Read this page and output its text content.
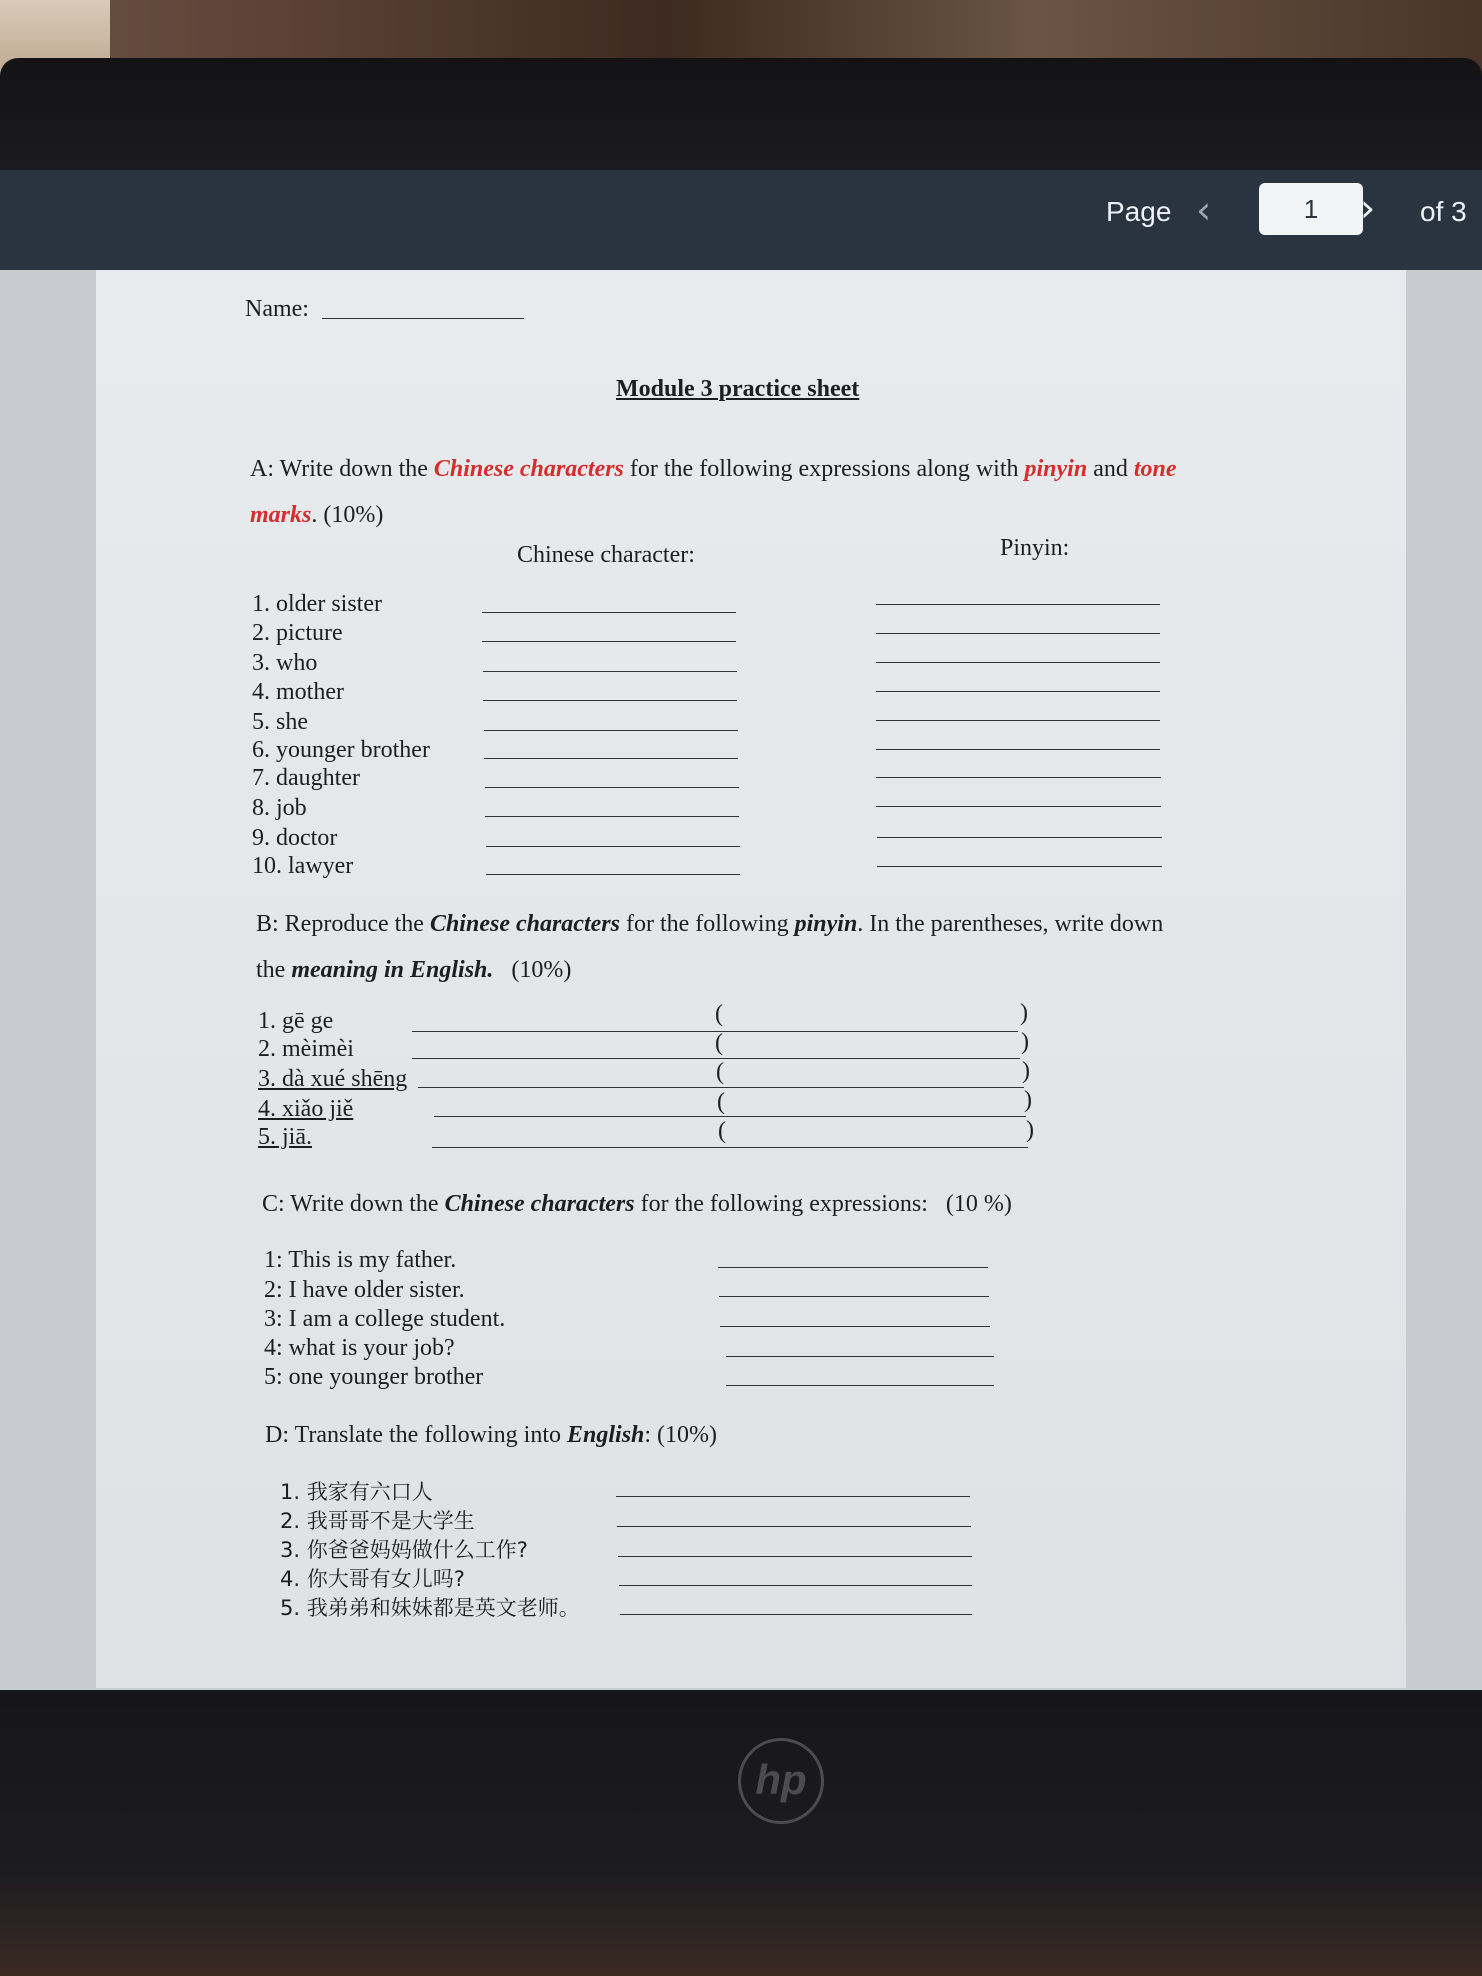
Page ‹
1	› of 3
Name:
Module 3 practice sheet
A: Write down the Chinese characters for the following expressions along with pinyin and tone
marks. (10%)
Chinese character:	Pinyin:
1. older sister
2. picture
3. who
4. mother
5. she
6. younger brother
7. daughter
8. job
9. doctor
10. lawyer
B: Reproduce the Chinese characters for the following pinyin. In the parentheses, write down
the meaning in English.   (10%)
1. gē ge
2. mèimèi
3. dà xué shēng
4. xiǎo jiě
5. jiā.
(
(
(
(
(
)
)
)
)
)
C: Write down the Chinese characters for the following expressions:   (10 %)
1: This is my father.
2: I have older sister.
3: I am a college student.
4: what is your job?
5: one younger brother
D: Translate the following into English: (10%)
1. 我家有六口人
2. 我哥哥不是大学生
3. 你爸爸妈妈做什么工作?
4. 你大哥有女儿吗?
5. 我弟弟和妹妹都是英文老师。
hp
